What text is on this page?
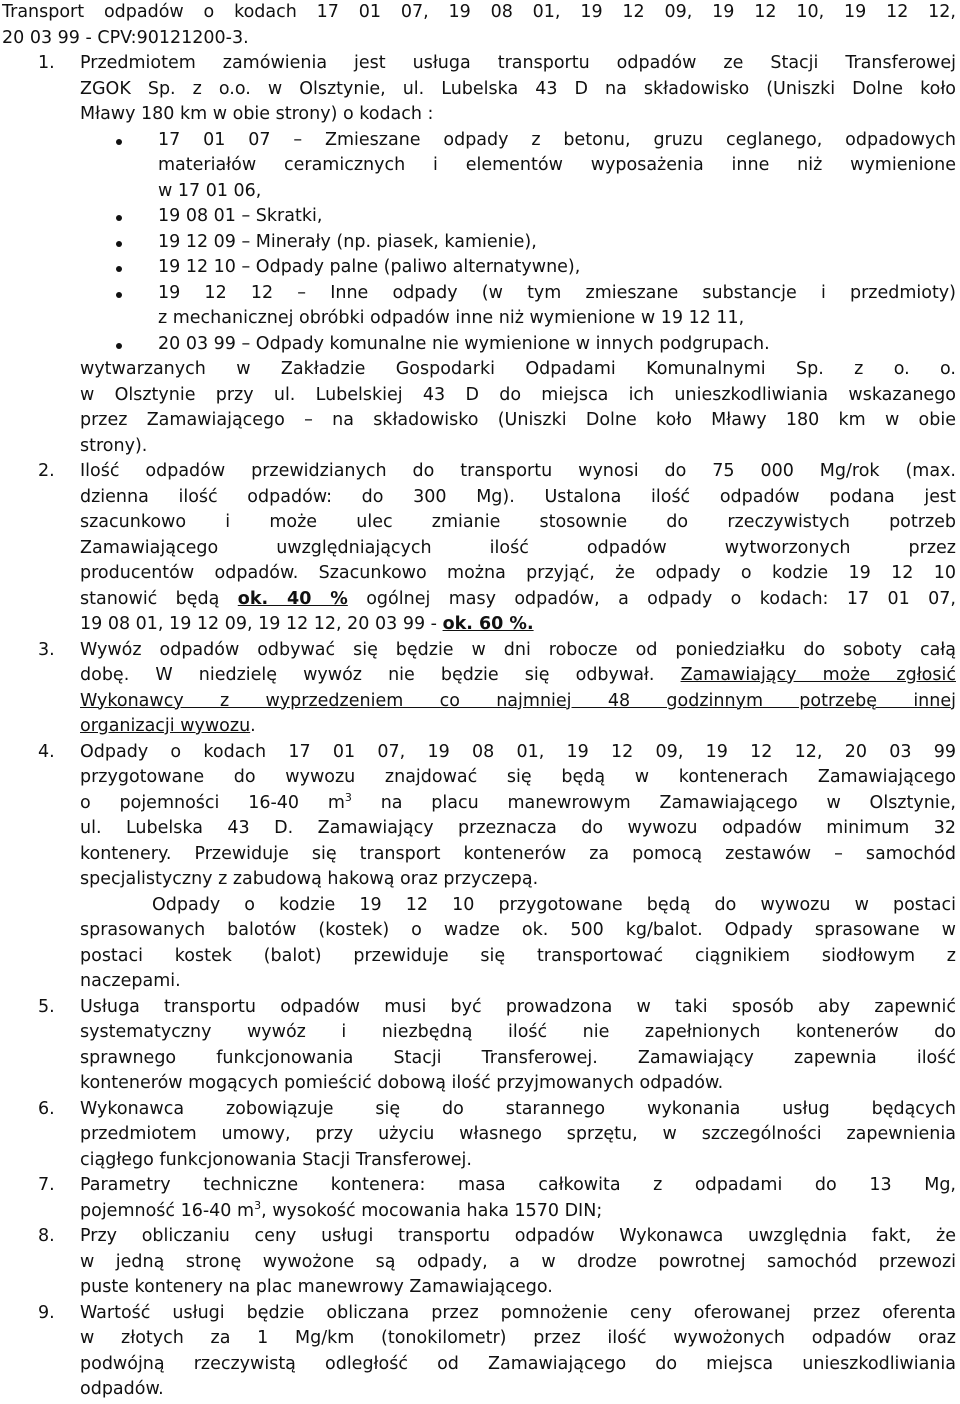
Transport odpadów o kodach 17 01 07, 19 08 01, 19 12 09, 19 12 10, 19 12 12,
20 03 99 - CPV:90121200-3.
1.	Przedmiotem zamówienia jest usługa transportu odpadów ze Stacji Transferowej
ZGOK Sp. z o.o. w Olsztynie, ul. Lubelska 43 D na składowisko (Uniszki Dolne koło
Mławy 180 km w obie strony) o kodach :
17 01 07 – Zmieszane odpady z betonu, gruzu ceglanego, odpadowych
materiałów ceramicznych i elementów wyposażenia inne niż wymienione
w 17 01 06,
19 08 01 – Skratki,
19 12 09 – Minerały (np. piasek, kamienie),
19 12 10 – Odpady palne (paliwo alternatywne),
19 12 12 – Inne odpady (w tym zmieszane substancje i przedmioty)
z mechanicznej obróbki odpadów inne niż wymienione w 19 12 11,
20 03 99 – Odpady komunalne nie wymienione w innych podgrupach.
wytwarzanych w Zakładzie Gospodarki Odpadami Komunalnymi Sp. z o. o.
w Olsztynie przy ul. Lubelskiej 43 D do miejsca ich unieszkodliwiania wskazanego
przez Zamawiającego – na składowisko (Uniszki Dolne koło Mławy 180 km w obie
strony).
2.	Ilość odpadów przewidzianych do transportu wynosi do 75 000 Mg/rok (max.
dzienna ilość odpadów: do 300 Mg). Ustalona ilość odpadów podana jest
szacunkowo i może ulec zmianie stosownie do rzeczywistych potrzeb
Zamawiającego uwzględniających ilość odpadów wytworzonych przez
producentów odpadów. Szacunkowo można przyjąć, że odpady o kodzie 19 12 10
stanowić będą ok. 40 % ogólnej masy odpadów, a odpady o kodach: 17 01 07,
19 08 01, 19 12 09, 19 12 12, 20 03 99 - ok. 60 %.
3.	Wywóz odpadów odbywać się będzie w dni robocze od poniedziałku do soboty całą
dobę. W niedzielę wywóz nie będzie się odbywał. Zamawiający może zgłosić
Wykonawcy z wyprzedzeniem co najmniej 48 godzinnym potrzebę innej
organizacji wywozu.
4.	Odpady o kodach 17 01 07, 19 08 01, 19 12 09, 19 12 12, 20 03 99
przygotowane do wywozu znajdować się będą w kontenerach Zamawiającego
o pojemności 16-40 $m^3$ na placu manewrowym Zamawiającego w Olsztynie,
ul. Lubelska 43 D. Zamawiający przeznacza do wywozu odpadów minimum 32
kontenery. Przewiduje się transport kontenerów za pomocą zestawów – samochód
specjalistyczny z zabudową hakową oraz przyczepą.
Odpady o kodzie 19 12 10 przygotowane będą do wywozu w postaci
sprasowanych balotów (kostek) o wadze ok. 500 kg/balot. Odpady sprasowane w
postaci kostek (balot) przewiduje się transportować ciągnikiem siodłowym z
naczepami.
5.	Usługa transportu odpadów musi być prowadzona w taki sposób aby zapewnić
systematyczny wywóz i niezbędną ilość nie zapełnionych kontenerów do
sprawnego funkcjonowania Stacji Transferowej. Zamawiający zapewnia ilość
kontenerów mogących pomieścić dobową ilość przyjmowanych odpadów.
6.	Wykonawca zobowiązuje się do starannego wykonania usług będących
przedmiotem umowy, przy użyciu własnego sprzętu, w szczególności zapewnienia
ciągłego funkcjonowania Stacji Transferowej.
7.	Parametry techniczne kontenera: masa całkowita z odpadami do 13 Mg,
pojemność 16-40 $m^3$, wysokość mocowania haka 1570 DIN;
8.	Przy obliczaniu ceny usługi transportu odpadów Wykonawca uwzględnia fakt, że
w jedną stronę wywożone są odpady, a w drodze powrotnej samochód przewozi
puste kontenery na plac manewrowy Zamawiającego.
9.	Wartość usługi będzie obliczana przez pomnożenie ceny oferowanej przez oferenta
w złotych za 1 Mg/km (tonokilometr) przez ilość wywożonych odpadów oraz
podwójną rzeczywistą odległość od Zamawiającego do miejsca unieszkodliwiania
odpadów.
